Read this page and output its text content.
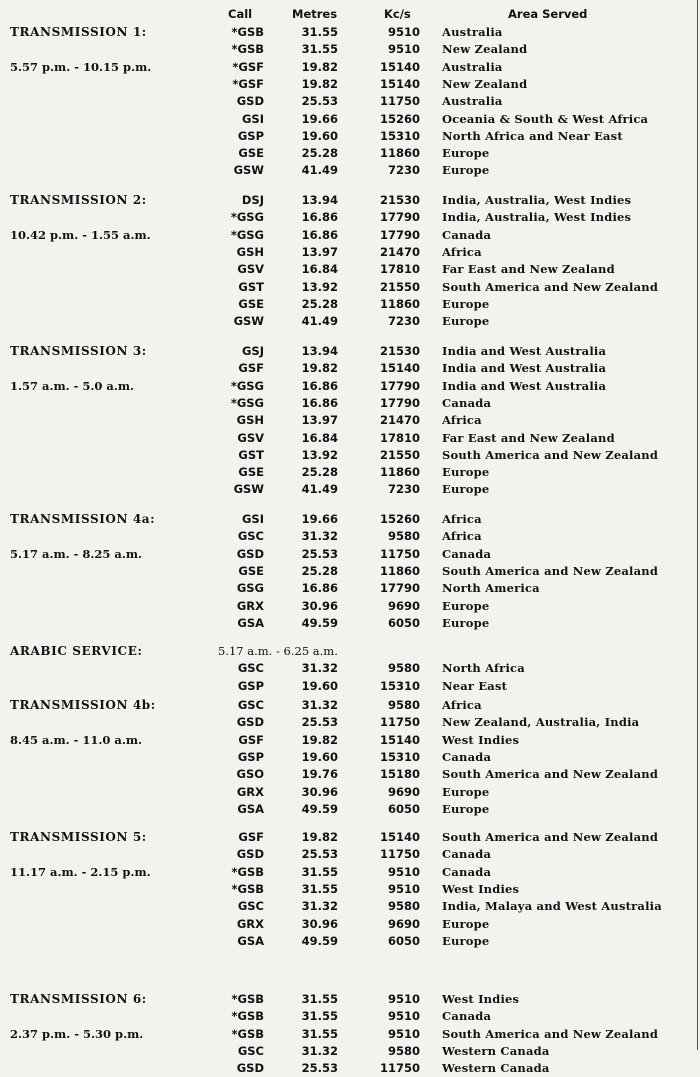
Call	Metres	Kc/s	Area Served
TRANSMISSION 1:
5.57 p.m. - 10.15 p.m.
*GSB	31.55	9510 Australia
*GSB	31.55	9510 New Zealand
*GSF	19.82	15140 Australia
*GSF	19.82	15140 New Zealand
GSD	25.53	11750 Australia
GSI	19.66	15260 Oceania & South & West Africa
GSP	19.60	15310 North Africa and Near East
GSE	25.28	11860 Europe
GSW	41.49	7230 Europe
TRANSMISSION 2:
10.42 p.m. - 1.55 a.m.
DSJ	13.94	21530 India, Australia, West Indies
*GSG	16.86	17790 India, Australia, West Indies
*GSG	16.86	17790 Canada
GSH	13.97	21470 Africa
GSV	16.84	17810 Far East and New Zealand
GST	13.92	21550 South America and New Zealand
GSE	25.28	11860 Europe
GSW	41.49	7230 Europe
TRANSMISSION 3:
1.57 a.m. - 5.0 a.m.
GSJ	13.94	21530 India and West Australia
GSF	19.82	15140 India and West Australia
*GSG	16.86	17790 India and West Australia
*GSG	16.86	17790 Canada
GSH	13.97	21470 Africa
GSV	16.84	17810 Far East and New Zealand
GST	13.92	21550 South America and New Zealand
GSE	25.28	11860 Europe
GSW	41.49	7230 Europe
TRANSMISSION 4a:
5.17 a.m. - 8.25 a.m.
GSI	19.66	15260 Africa
GSC	31.32	9580 Africa
GSD	25.53	11750 Canada
GSE	25.28	11860 South America and New Zealand
GSG	16.86	17790 North America
GRX	30.96	9690 Europe
GSA	49.59	6050 Europe
ARABIC SERVICE:	5.17 a.m. - 6.25 a.m.
GSC	31.32	9580 North Africa
GSP	19.60	15310 Near East
TRANSMISSION 4b:
8.45 a.m. - 11.0 a.m.
GSC	31.32	9580 Africa
GSD	25.53	11750 New Zealand, Australia, India
GSF	19.82	15140 West Indies
GSP	19.60	15310 Canada
GSO	19.76	15180 South America and New Zealand
GRX	30.96	9690 Europe
GSA	49.59	6050 Europe
TRANSMISSION 5:
11.17 a.m. - 2.15 p.m.
GSF	19.82	15140 South America and New Zealand
GSD	25.53	11750 Canada
*GSB	31.55	9510 Canada
*GSB	31.55	9510 West Indies
GSC	31.32	9580 India, Malaya and West Australia
GRX	30.96	9690 Europe
GSA	49.59	6050 Europe
TRANSMISSION 6:
2.37 p.m. - 5.30 p.m.
*GSB	31.55	9510 West Indies
*GSB	31.55	9510 Canada
*GSB	31.55	9510 South America and New Zealand
GSC	31.32	9580 Western Canada
GSD	25.53	11750 Western Canada
